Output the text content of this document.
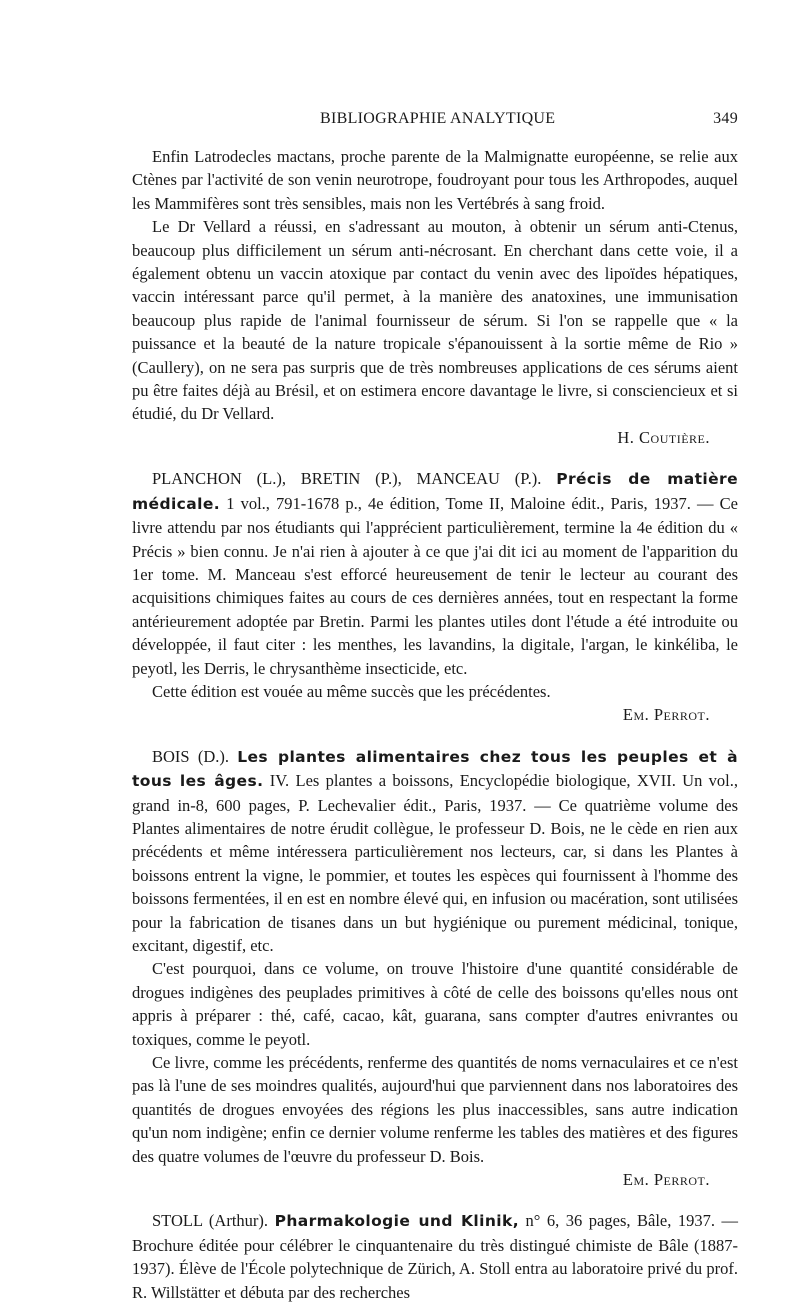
BIBLIOGRAPHIE ANALYTIQUE	349

Enfin Latrodecles mactans, proche parente de la Malmignatte européenne, se relie aux Ctènes par l'activité de son venin neurotrope, foudroyant pour tous les Arthropodes, auquel les Mammifères sont très sensibles, mais non les Vertébrés à sang froid.

Le Dr Vellard a réussi, en s'adressant au mouton, à obtenir un sérum anti-Ctenus, beaucoup plus difficilement un sérum anti-nécrosant. En cherchant dans cette voie, il a également obtenu un vaccin atoxique par contact du venin avec des lipoïdes hépatiques, vaccin intéressant parce qu'il permet, à la manière des anatoxines, une immunisation beaucoup plus rapide de l'animal fournisseur de sérum. Si l'on se rappelle que « la puissance et la beauté de la nature tropicale s'épanouissent à la sortie même de Rio » (Caullery), on ne sera pas surpris que de très nombreuses applications de ces sérums aient pu être faites déjà au Brésil, et on estimera encore davantage le livre, si consciencieux et si étudié, du Dr Vellard.

H. Coutière.

PLANCHON (L.), BRETIN (P.), MANCEAU (P.). Précis de matière médicale. 1 vol., 791-1678 p., 4e édition, Tome II, Maloine édit., Paris, 1937. — Ce livre attendu par nos étudiants qui l'apprécient particulièrement, termine la 4e édition du « Précis » bien connu. Je n'ai rien à ajouter à ce que j'ai dit ici au moment de l'apparition du 1er tome. M. Manceau s'est efforcé heureusement de tenir le lecteur au courant des acquisitions chimiques faites au cours de ces dernières années, tout en respectant la forme antérieurement adoptée par Bretin. Parmi les plantes utiles dont l'étude a été introduite ou développée, il faut citer : les menthes, les lavandins, la digitale, l'argan, le kinkéliba, le peyotl, les Derris, le chrysanthème insecticide, etc.

Cette édition est vouée au même succès que les précédentes.

Em. Perrot.

BOIS (D.). Les plantes alimentaires chez tous les peuples et à tous les âges. IV. Les plantes a boissons, Encyclopédie biologique, XVII. Un vol., grand in-8, 600 pages, P. Lechevalier édit., Paris, 1937. — Ce quatrième volume des Plantes alimentaires de notre érudit collègue, le professeur D. Bois, ne le cède en rien aux précédents et même intéressera particulièrement nos lecteurs, car, si dans les Plantes à boissons entrent la vigne, le pommier, et toutes les espèces qui fournissent à l'homme des boissons fermentées, il en est en nombre élevé qui, en infusion ou macération, sont utilisées pour la fabrication de tisanes dans un but hygiénique ou purement médicinal, tonique, excitant, digestif, etc.

C'est pourquoi, dans ce volume, on trouve l'histoire d'une quantité considérable de drogues indigènes des peuplades primitives à côté de celle des boissons qu'elles nous ont appris à préparer : thé, café, cacao, kât, guarana, sans compter d'autres enivrantes ou toxiques, comme le peyotl.

Ce livre, comme les précédents, renferme des quantités de noms vernaculaires et ce n'est pas là l'une de ses moindres qualités, aujourd'hui que parviennent dans nos laboratoires des quantités de drogues envoyées des régions les plus inaccessibles, sans autre indication qu'un nom indigène; enfin ce dernier volume renferme les tables des matières et des figures des quatre volumes de l'œuvre du professeur D. Bois.

Em. Perrot.

STOLL (Arthur). Pharmakologie und Klinik, n° 6, 36 pages, Bâle, 1937. — Brochure éditée pour célébrer le cinquantenaire du très distingué chimiste de Bâle (1887-1937). Élève de l'École polytechnique de Zürich, A. Stoll entra au laboratoire privé du prof. R. Willstätter et débuta par des recherches
